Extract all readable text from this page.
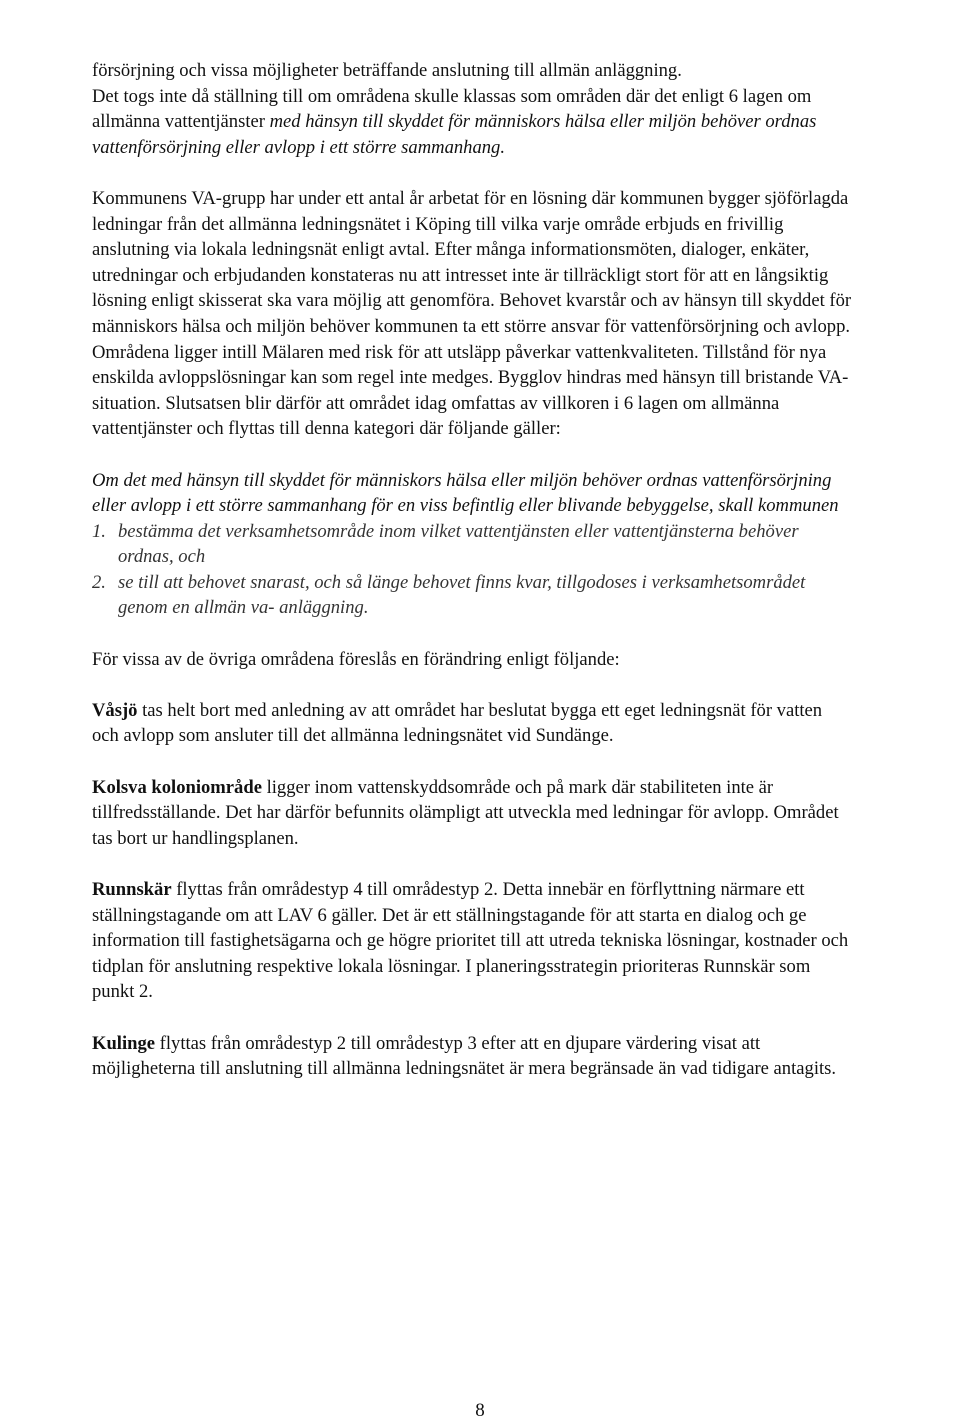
försörjning och vissa möjligheter beträffande anslutning till allmän anläggning.
Det togs inte då ställning till om områdena skulle klassas som områden där det enligt 6 lagen om allmänna vattentjänster med hänsyn till skyddet för människors hälsa eller miljön behöver ordnas vattenförsörjning eller avlopp i ett större sammanhang.

Kommunens VA-grupp har under ett antal år arbetat för en lösning där kommunen bygger sjöförlagda ledningar från det allmänna ledningsnätet i Köping till vilka varje område erbjuds en frivillig anslutning via lokala ledningsnät enligt avtal. Efter många informationsmöten, dialoger, enkäter, utredningar och erbjudanden konstateras nu att intresset inte är tillräckligt stort för att en långsiktig lösning enligt skisserat ska vara möjlig att genomföra. Behovet kvarstår och av hänsyn till skyddet för människors hälsa och miljön behöver kommunen ta ett större ansvar för vattenförsörjning och avlopp. Områdena ligger intill Mälaren med risk för att utsläpp påverkar vattenkvaliteten. Tillstånd för nya enskilda avloppslösningar kan som regel inte medges. Bygglov hindras med hänsyn till bristande VA-situation. Slutsatsen blir därför att området idag omfattas av villkoren i 6 lagen om allmänna vattentjänster och flyttas till denna kategori där följande gäller:

Om det med hänsyn till skyddet för människors hälsa eller miljön behöver ordnas vattenförsörjning eller avlopp i ett större sammanhang för en viss befintlig eller blivande bebyggelse, skall kommunen

1. bestämma det verksamhetsområde inom vilket vattentjänsten eller vattentjänsterna behöver ordnas, och
2. se till att behovet snarast, och så länge behovet finns kvar, tillgodoses i verksamhetsområdet genom en allmän va- anläggning.

För vissa av de övriga områdena föreslås en förändring enligt följande:

Våsjö tas helt bort med anledning av att området har beslutat bygga ett eget ledningsnät för vatten och avlopp som ansluter till det allmänna ledningsnätet vid Sundänge.

Kolsva koloniområde ligger inom vattenskyddsområde och på mark där stabiliteten inte är tillfredsställande. Det har därför befunnits olämpligt att utveckla med ledningar för avlopp. Området tas bort ur handlingsplanen.

Runnskär flyttas från områdestyp 4 till områdestyp 2. Detta innebär en förflyttning närmare ett ställningstagande om att LAV 6 gäller. Det är ett ställningstagande för att starta en dialog och ge information till fastighetsägarna och ge högre prioritet till att utreda tekniska lösningar, kostnader och tidplan för anslutning respektive lokala lösningar. I planeringsstrategin prioriteras Runnskär som punkt 2.

Kulinge flyttas från områdestyp 2 till områdestyp 3 efter att en djupare värdering visat att möjligheterna till anslutning till allmänna ledningsnätet är mera begränsade än vad tidigare antagits.

8
